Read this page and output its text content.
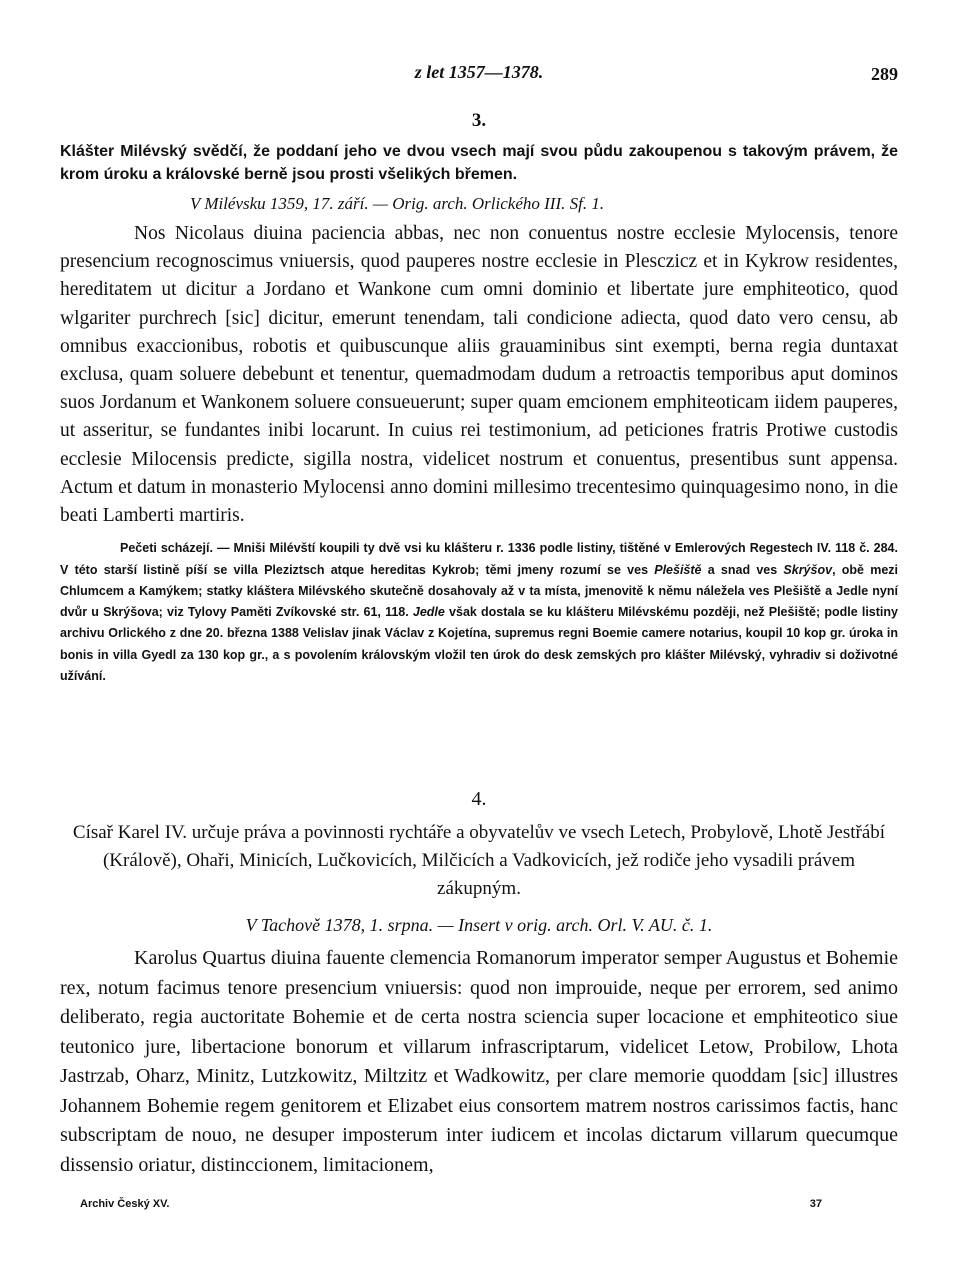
z let 1357—1378.	289

3.

Klášter Milévský svědčí, že poddaní jeho ve dvou vsech mají svou půdu zakoupenou s takovým právem, že krom úroku a královské berně jsou prosti všelikých břemen.

V Milévsku 1359, 17. září. — Orig. arch. Orlického III. Sf. 1.

Nos Nicolaus diuina paciencia abbas, nec non conuentus nostre ecclesie Mylocensis, tenore presencium recognoscimus vniuersis, quod pauperes nostre ecclesie in Plesczicz et in Kykrow residentes, hereditatem ut dicitur a Jordano et Wankone cum omni dominio et libertate jure emphiteotico, quod wlgariter purchrech [sic] dicitur, emerunt tenendam, tali condicione adiecta, quod dato vero censu, ab omnibus exaccionibus, robotis et quibuscunque aliis grauaminibus sint exempti, berna regia duntaxat exclusa, quam soluere debebunt et tenentur, quemadmodam dudum a retroactis temporibus aput dominos suos Jordanum et Wankonem soluere consueuerunt; super quam emcionem emphiteoticam iidem pauperes, ut asseritur, se fundantes inibi locarunt. In cuius rei testimonium, ad peticiones fratris Protiwe custodis ecclesie Milocensis predicte, sigilla nostra, videlicet nostrum et conuentus, presentibus sunt appensa. Actum et datum in monasterio Mylocensi anno domini millesimo trecentesimo quinquagesimo nono, in die beati Lamberti martiris.

Pečeti scházejí. — Mniši Milévští koupili ty dvě vsi ku klášteru r. 1336 podle listiny, tištěné v Emlerových Regestech IV. 118 č. 284. V této starší listině píší se villa Pleziztsch atque hereditas Kykrob; těmi jmeny rozumí se ves Plešiště a snad ves Skrýšov, obě mezi Chlumcem a Kamýkem; statky kláštera Milévského skutečně dosahovaly až v ta místa, jmenovitě k němu náležela ves Plešiště a Jedle nyní dvůr u Skrýšova; viz Tylovy Paměti Zvíkovské str. 61, 118. Jedle však dostala se ku klášteru Milévskému později, než Plešiště; podle listiny archivu Orlického z dne 20. března 1388 Velislav jinak Václav z Kojetína, supremus regni Boemie camere notarius, koupil 10 kop gr. úroka in bonis in villa Gyedl za 130 kop gr., a s povolením královským vložil ten úrok do desk zemských pro klášter Milévský, vyhradiv si doživotné užívání.

4.

Císař Karel IV. určuje práva a povinnosti rychtáře a obyvatelův ve vsech Letech, Probylově, Lhotě Jestřábí (Králově), Ohaři, Minicích, Lučkovicích, Milčicích a Vadkovicích, jež rodiče jeho vysadili právem zákupným.

V Tachově 1378, 1. srpna. — Insert v orig. arch. Orl. V. AU. č. 1.

Karolus Quartus diuina fauente clemencia Romanorum imperator semper Augustus et Bohemie rex, notum facimus tenore presencium vniuersis: quod non improuide, neque per errorem, sed animo deliberato, regia auctoritate Bohemie et de certa nostra sciencia super locacione et emphiteotico siue teutonico jure, libertacione bonorum et villarum infrascriptarum, videlicet Letow, Probilow, Lhota Jastrzab, Oharz, Minitz, Lutzkowitz, Miltzitz et Wadkowitz, per clare memorie quoddam [sic] illustres Johannem Bohemie regem genitorem et Elizabet eius consortem matrem nostros carissimos factis, hanc subscriptam de nouo, ne desuper imposterum inter iudicem et incolas dictarum villarum quecumque dissensio oriatur, distinccionem, limitacionem,

Archiv Český XV.	37
